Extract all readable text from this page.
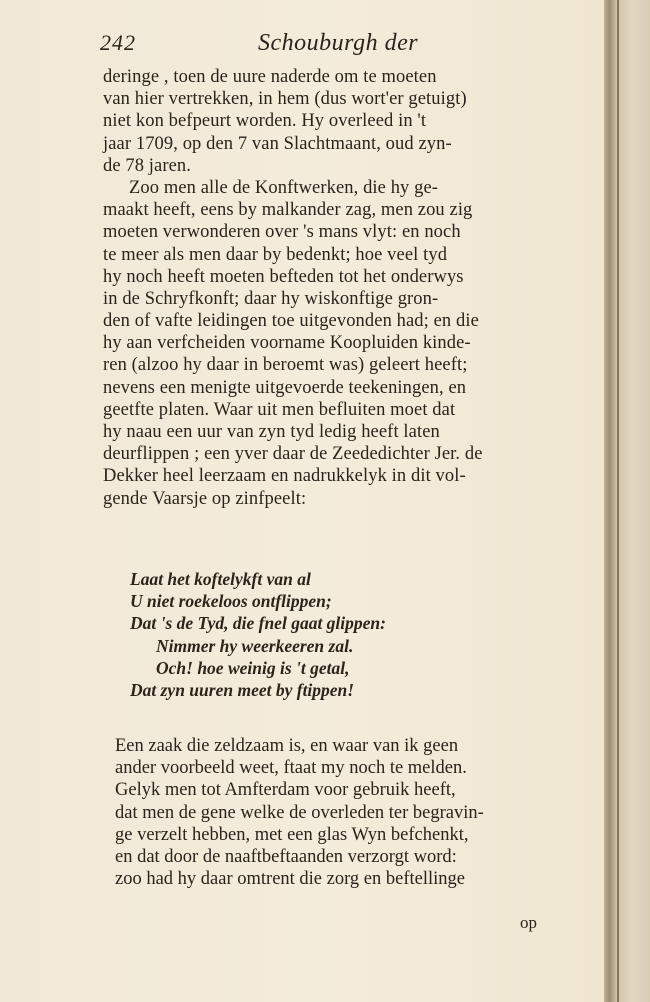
242	Schouburgh der
deringe , toen de uure naderde om te moeten
van hier vertrekken, in hem (dus wort'er getuigt)
niet kon befpeurt worden. Hy overleed in 't
jaar 1709, op den 7 van Slachtmaant, oud zyn-
de 78 jaren.
Zoo men alle de Konftwerken, die hy ge-
maakt heeft, eens by malkander zag, men zou zig
moeten verwonderen over 's mans vlyt: en noch
te meer als men daar by bedenkt; hoe veel tyd
hy noch heeft moeten befteden tot het onderwys
in de Schryfkonft; daar hy wiskonftige gron-
den of vafte leidingen toe uitgevonden had; en die
hy aan verfcheiden voorname Koopluiden kinde-
ren (alzoo hy daar in beroemt was) geleert heeft;
nevens een menigte uitgevoerde teekeningen, en
geetfte platen. Waar uit men befluiten moet dat
hy naau een uur van zyn tyd ledig heeft laten
deurflippen ; een yver daar de Zeededichter Jer. de
Dekker heel leerzaam en nadrukkelyk in dit vol-
gende Vaarsje op zinfpeelt:
Laat het koftelykft van al
U niet roekeloos ontflippen;
Dat 's de Tyd, die fnel gaat glippen:
Nimmer hy weerkeeren zal.
Och! hoe weinig is 't getal,
Dat zyn uuren meet by ftippen!
Een zaak die zeldzaam is, en waar van ik geen
ander voorbeeld weet, ftaat my noch te melden.
Gelyk men tot Amfterdam voor gebruik heeft,
dat men de gene welke de overleden ter begravin-
ge verzelt hebben, met een glas Wyn befchenkt,
en dat door de naaftbeftaanden verzorgt word:
zoo had hy daar omtrent die zorg en beftellinge
op
